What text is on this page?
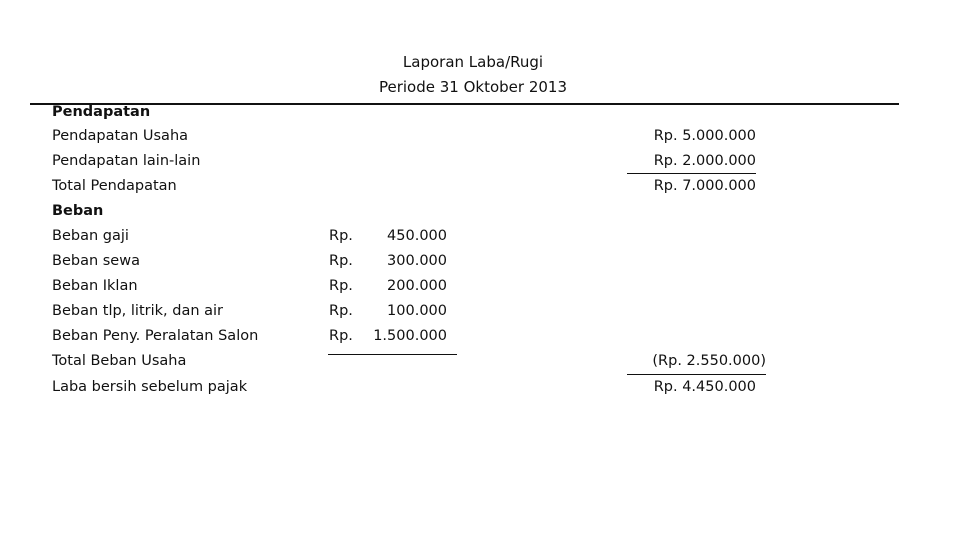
Laporan Laba/Rugi
Periode 31 Oktober 2013
Pendapatan
Pendapatan Usaha	Rp. 5.000.000
Pendapatan lain-lain	Rp. 2.000.000
Total Pendapatan	Rp. 7.000.000
Beban
Beban gaji	Rp. 450.000
Beban sewa	Rp. 300.000
Beban Iklan	Rp. 200.000
Beban tlp, litrik, dan air	Rp. 100.000
Beban Peny. Peralatan Salon	Rp. 1.500.000
Total Beban Usaha	(Rp. 2.550.000)
Laba bersih sebelum pajak	Rp. 4.450.000
